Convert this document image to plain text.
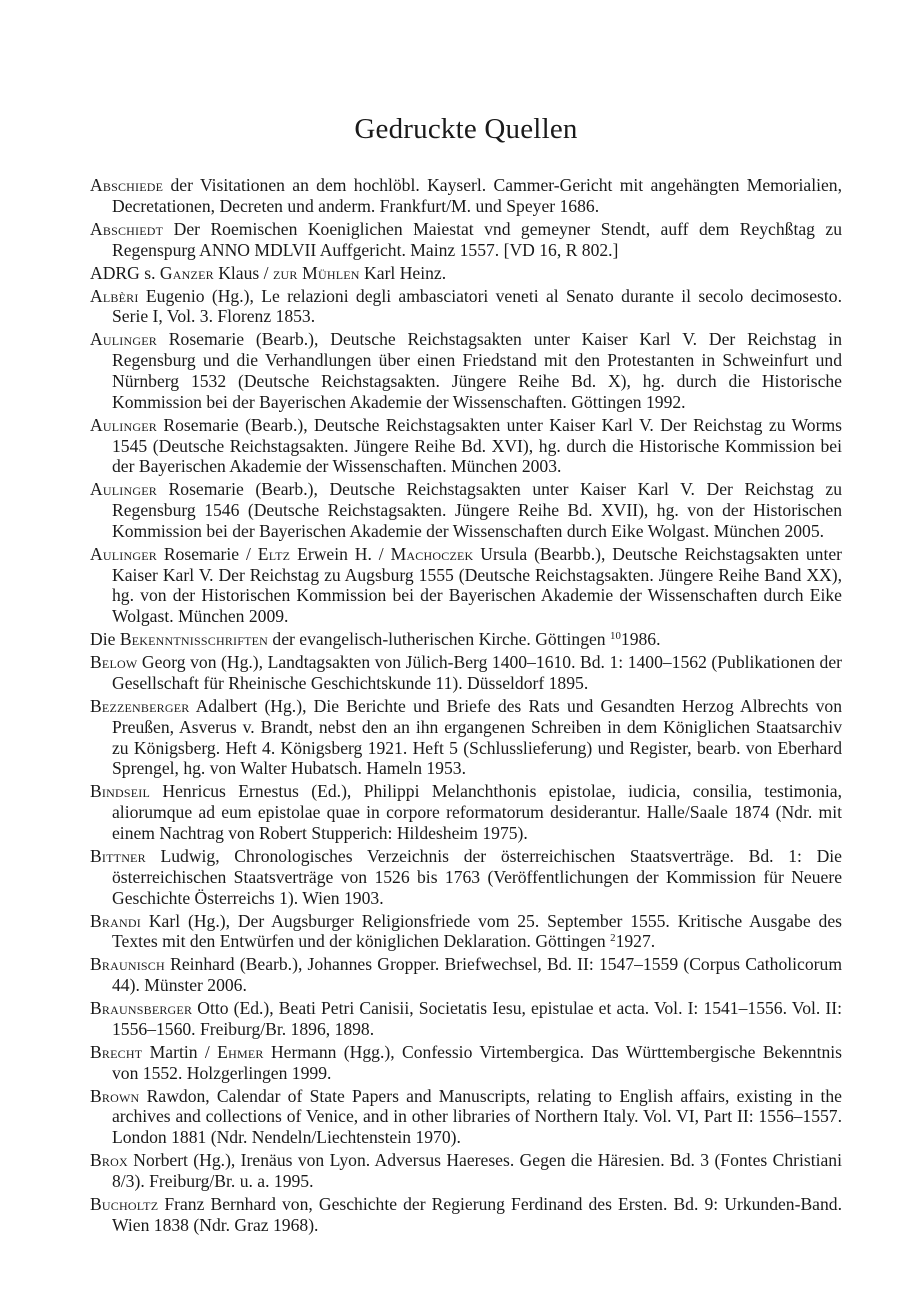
Gedruckte Quellen
Abschiede der Visitationen an dem hochlöbl. Kayserl. Cammer-Gericht mit angehängten Memorialien, Decretationen, Decreten und anderm. Frankfurt/M. und Speyer 1686.
Abschiedt Der Roemischen Koeniglichen Maiestat vnd gemeyner Stendt, auff dem Reychßtag zu Regenspurg ANNO MDLVII Auffgericht. Mainz 1557. [VD 16, R 802.]
ADRG s. Ganzer Klaus / zur Mühlen Karl Heinz.
Albèri Eugenio (Hg.), Le relazioni degli ambasciatori veneti al Senato durante il secolo decimosesto. Serie I, Vol. 3. Florenz 1853.
Aulinger Rosemarie (Bearb.), Deutsche Reichstagsakten unter Kaiser Karl V. Der Reichstag in Regensburg und die Verhandlungen über einen Friedstand mit den Protestanten in Schweinfurt und Nürnberg 1532 (Deutsche Reichstagsakten. Jüngere Reihe Bd. X), hg. durch die Historische Kommission bei der Bayerischen Akademie der Wissenschaften. Göttingen 1992.
Aulinger Rosemarie (Bearb.), Deutsche Reichstagsakten unter Kaiser Karl V. Der Reichstag zu Worms 1545 (Deutsche Reichstagsakten. Jüngere Reihe Bd. XVI), hg. durch die Historische Kommission bei der Bayerischen Akademie der Wissenschaften. München 2003.
Aulinger Rosemarie (Bearb.), Deutsche Reichstagsakten unter Kaiser Karl V. Der Reichstag zu Regensburg 1546 (Deutsche Reichstagsakten. Jüngere Reihe Bd. XVII), hg. von der Historischen Kommission bei der Bayerischen Akademie der Wissenschaften durch Eike Wolgast. München 2005.
Aulinger Rosemarie / Eltz Erwein H. / Machoczek Ursula (Bearbb.), Deutsche Reichstagsakten unter Kaiser Karl V. Der Reichstag zu Augsburg 1555 (Deutsche Reichstagsakten. Jüngere Reihe Band XX), hg. von der Historischen Kommission bei der Bayerischen Akademie der Wissenschaften durch Eike Wolgast. München 2009.
Die Bekenntnisschriften der evangelisch-lutherischen Kirche. Göttingen $^{10}$1986.
Below Georg von (Hg.), Landtagsakten von Jülich-Berg 1400–1610. Bd. 1: 1400–1562 (Publikationen der Gesellschaft für Rheinische Geschichtskunde 11). Düsseldorf 1895.
Bezzenberger Adalbert (Hg.), Die Berichte und Briefe des Rats und Gesandten Herzog Albrechts von Preußen, Asverus v. Brandt, nebst den an ihn ergangenen Schreiben in dem Königlichen Staatsarchiv zu Königsberg. Heft 4. Königsberg 1921. Heft 5 (Schlusslieferung) und Register, bearb. von Eberhard Sprengel, hg. von Walter Hubatsch. Hameln 1953.
Bindseil Henricus Ernestus (Ed.), Philippi Melanchthonis epistolae, iudicia, consilia, testimonia, aliorumque ad eum epistolae quae in corpore reformatorum desiderantur. Halle/Saale 1874 (Ndr. mit einem Nachtrag von Robert Stupperich: Hildesheim 1975).
Bittner Ludwig, Chronologisches Verzeichnis der österreichischen Staatsverträge. Bd. 1: Die österreichischen Staatsverträge von 1526 bis 1763 (Veröffentlichungen der Kommission für Neuere Geschichte Österreichs 1). Wien 1903.
Brandi Karl (Hg.), Der Augsburger Religionsfriede vom 25. September 1555. Kritische Ausgabe des Textes mit den Entwürfen und der königlichen Deklaration. Göttingen $^2$1927.
Braunisch Reinhard (Bearb.), Johannes Gropper. Briefwechsel, Bd. II: 1547–1559 (Corpus Catholicorum 44). Münster 2006.
Braunsberger Otto (Ed.), Beati Petri Canisii, Societatis Iesu, epistulae et acta. Vol. I: 1541–1556. Vol. II: 1556–1560. Freiburg/Br. 1896, 1898.
Brecht Martin / Ehmer Hermann (Hgg.), Confessio Virtembergica. Das Württembergische Bekenntnis von 1552. Holzgerlingen 1999.
Brown Rawdon, Calendar of State Papers and Manuscripts, relating to English affairs, existing in the archives and collections of Venice, and in other libraries of Northern Italy. Vol. VI, Part II: 1556–1557. London 1881 (Ndr. Nendeln/Liechtenstein 1970).
Brox Norbert (Hg.), Irenäus von Lyon. Adversus Haereses. Gegen die Häresien. Bd. 3 (Fontes Christiani 8/3). Freiburg/Br. u. a. 1995.
Bucholtz Franz Bernhard von, Geschichte der Regierung Ferdinand des Ersten. Bd. 9: Urkunden-Band. Wien 1838 (Ndr. Graz 1968).
